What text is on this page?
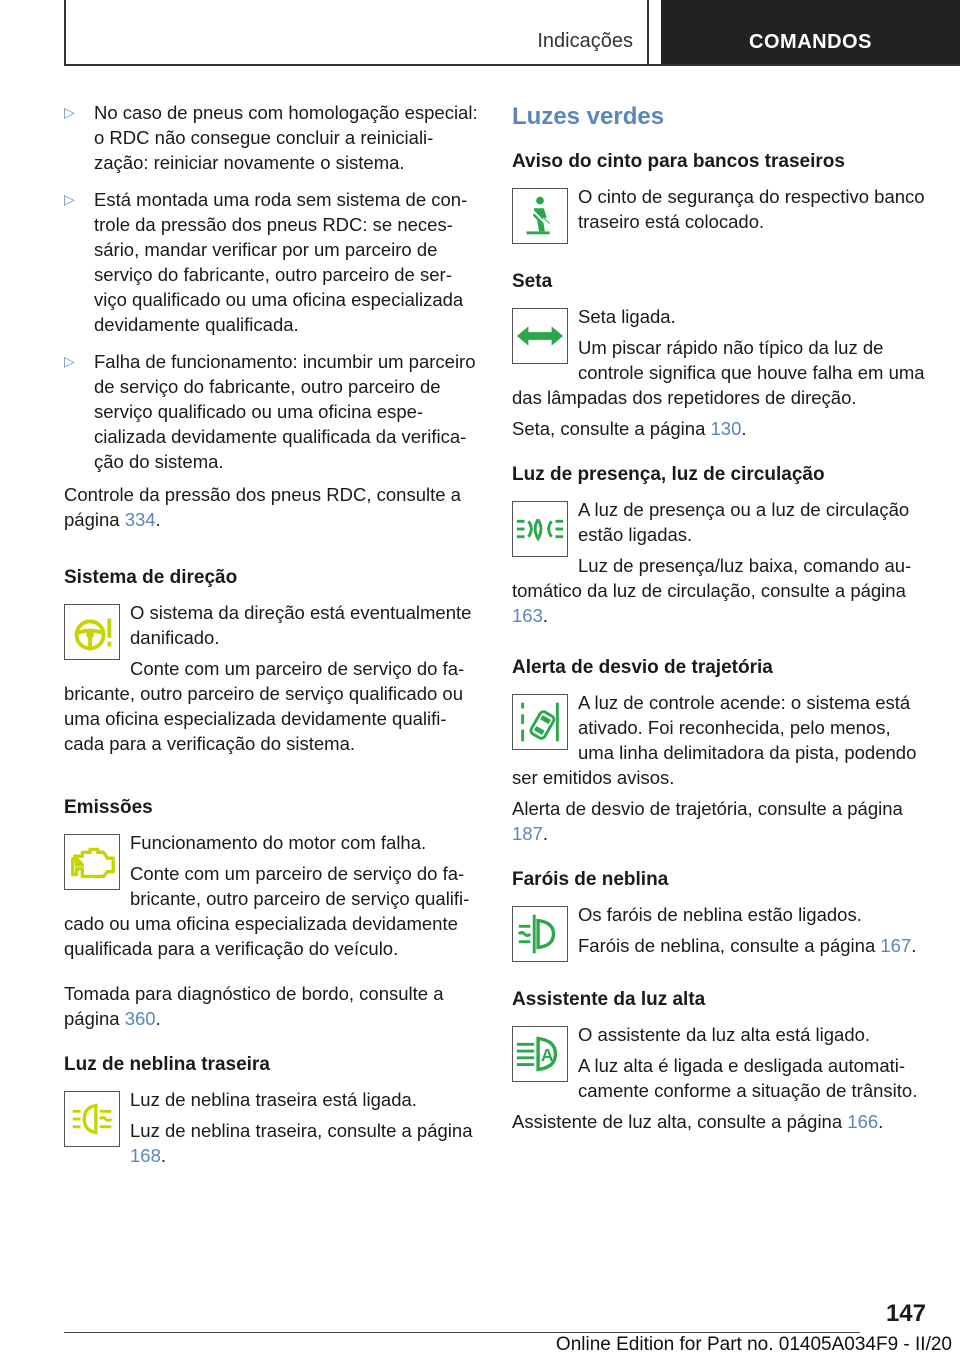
Indicações	COMANDOS
▷ No caso de pneus com homologação especial: o RDC não consegue concluir a reinicialização: reiniciar novamente o sistema.
▷ Está montada uma roda sem sistema de controle da pressão dos pneus RDC: se necessário, mandar verificar por um parceiro de serviço do fabricante, outro parceiro de serviço qualificado ou uma oficina especializada devidamente qualificada.
▷ Falha de funcionamento: incumbir um parceiro de serviço do fabricante, outro parceiro de serviço qualificado ou uma oficina especializada devidamente qualificada da verificação do sistema.

Controle da pressão dos pneus RDC, consulte a página 334.

Sistema de direção

O sistema da direção está eventualmente danificado.

Conte com um parceiro de serviço do fabricante, outro parceiro de serviço qualificado ou uma oficina especializada devidamente qualificada para a verificação do sistema.

Emissões

Funcionamento do motor com falha.

Conte com um parceiro de serviço do fabricante, outro parceiro de serviço qualificado ou uma oficina especializada devidamente qualificada para a verificação do veículo.

Tomada para diagnóstico de bordo, consulte a página 360.

Luz de neblina traseira

Luz de neblina traseira está ligada.

Luz de neblina traseira, consulte a página 168.

Luzes verdes
Aviso do cinto para bancos traseiros

O cinto de segurança do respectivo banco traseiro está colocado.

Seta

Seta ligada.

Um piscar rápido não típico da luz de controle significa que houve falha em uma das lâmpadas dos repetidores de direção.

Seta, consulte a página 130.

Luz de presença, luz de circulação

A luz de presença ou a luz de circulação estão ligadas.

Luz de presença/luz baixa, comando automático da luz de circulação, consulte a página 163.

Alerta de desvio de trajetória

A luz de controle acende: o sistema está ativado. Foi reconhecida, pelo menos, uma linha delimitadora da pista, podendo ser emitidos avisos.

Alerta de desvio de trajetória, consulte a página 187.

Faróis de neblina

Os faróis de neblina estão ligados.

Faróis de neblina, consulte a página 167.

Assistente da luz alta
A

O assistente da luz alta está ligado.

A luz alta é ligada e desligada automaticamente conforme a situação de trânsito.

Assistente de luz alta, consulte a página 166.

147
Online Edition for Part no. 01405A034F9 - II/20
